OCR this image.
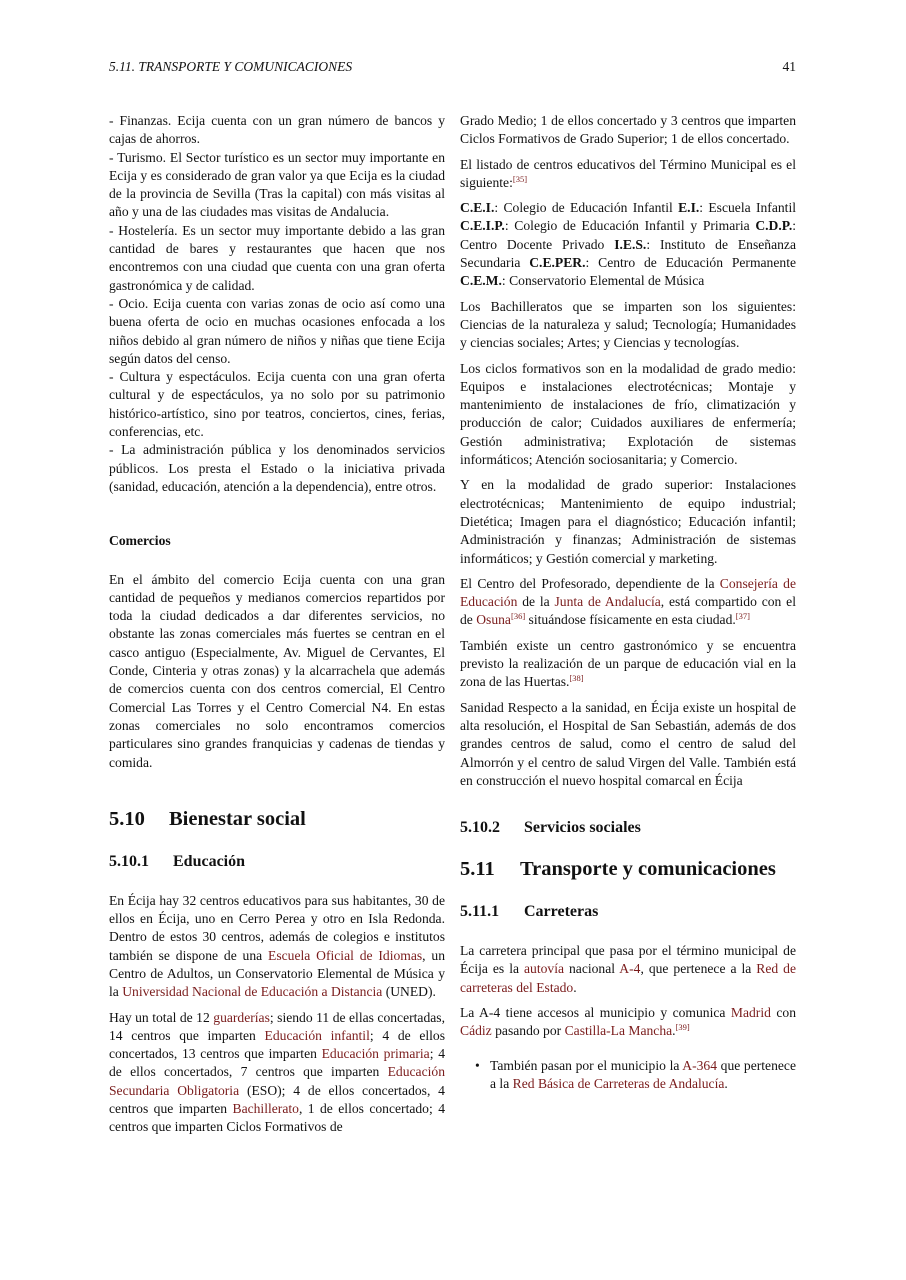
5.11. TRANSPORTE Y COMUNICACIONES	41
- Finanzas. Ecija cuenta con un gran número de bancos y cajas de ahorros.
- Turismo. El Sector turístico es un sector muy importante en Ecija y es considerado de gran valor ya que Ecija es la ciudad de la provincia de Sevilla (Tras la capital) con más visitas al año y una de las ciudades mas visitas de Andalucia.
- Hostelería. Es un sector muy importante debido a las gran cantidad de bares y restaurantes que hacen que nos encontremos con una ciudad que cuenta con una gran oferta gastronómica y de calidad.
- Ocio. Ecija cuenta con varias zonas de ocio así como una buena oferta de ocio en muchas ocasiones enfocada a los niños debido al gran número de niños y niñas que tiene Ecija según datos del censo.
- Cultura y espectáculos. Ecija cuenta con una gran oferta cultural y de espectáculos, ya no solo por su patrimonio histórico-artístico, sino por teatros, conciertos, cines, ferias, conferencias, etc.
- La administración pública y los denominados servicios públicos. Los presta el Estado o la iniciativa privada (sanidad, educación, atención a la dependencia), entre otros.
Comercios

En el ámbito del comercio Ecija cuenta con una gran cantidad de pequeños y medianos comercios repartidos por toda la ciudad dedicados a dar diferentes servicios, no obstante las zonas comerciales más fuertes se centran en el casco antiguo (Especialmente, Av. Miguel de Cervantes, El Conde, Cinteria y otras zonas) y la alcarrachela que además de comercios cuenta con dos centros comercial, El Centro Comercial Las Torres y el Centro Comercial N4. En estas zonas comerciales no solo encontramos comercios particulares sino grandes franquicias y cadenas de tiendas y comida.

5.10 Bienestar social
5.10.1 Educación

En Écija hay 32 centros educativos para sus habitantes, 30 de ellos en Écija, uno en Cerro Perea y otro en Isla Redonda. Dentro de estos 30 centros, además de colegios e institutos también se dispone de una Escuela Oficial de Idiomas, un Centro de Adultos, un Conservatorio Elemental de Música y la Universidad Nacional de Educación a Distancia (UNED).

Hay un total de 12 guarderías; siendo 11 de ellas concertadas, 14 centros que imparten Educación infantil; 4 de ellos concertados, 13 centros que imparten Educación primaria; 4 de ellos concertados, 7 centros que imparten Educación Secundaria Obligatoria (ESO); 4 de ellos concertados, 4 centros que imparten Bachillerato, 1 de ellos concertado; 4 centros que imparten Ciclos Formativos de

Grado Medio; 1 de ellos concertado y 3 centros que imparten Ciclos Formativos de Grado Superior; 1 de ellos concertado.

El listado de centros educativos del Término Municipal es el siguiente:[35]

C.E.I.: Colegio de Educación Infantil E.I.: Escuela Infantil C.E.I.P.: Colegio de Educación Infantil y Primaria C.D.P.: Centro Docente Privado I.E.S.: Instituto de Enseñanza Secundaria C.E.PER.: Centro de Educación Permanente C.E.M.: Conservatorio Elemental de Música

Los Bachilleratos que se imparten son los siguientes: Ciencias de la naturaleza y salud; Tecnología; Humanidades y ciencias sociales; Artes; y Ciencias y tecnologías.

Los ciclos formativos son en la modalidad de grado medio: Equipos e instalaciones electrotécnicas; Montaje y mantenimiento de instalaciones de frío, climatización y producción de calor; Cuidados auxiliares de enfermería; Gestión administrativa; Explotación de sistemas informáticos; Atención sociosanitaria; y Comercio.

Y en la modalidad de grado superior: Instalaciones electrotécnicas; Mantenimiento de equipo industrial; Dietética; Imagen para el diagnóstico; Educación infantil; Administración y finanzas; Administración de sistemas informáticos; y Gestión comercial y marketing.

El Centro del Profesorado, dependiente de la Consejería de Educación de la Junta de Andalucía, está compartido con el de Osuna[36] situándose físicamente en esta ciudad.[37]

También existe un centro gastronómico y se encuentra previsto la realización de un parque de educación vial en la zona de las Huertas.[38]

Sanidad Respecto a la sanidad, en Écija existe un hospital de alta resolución, el Hospital de San Sebastián, además de dos grandes centros de salud, como el centro de salud del Almorrón y el centro de salud Virgen del Valle. También está en construcción el nuevo hospital comarcal en Écija

5.10.2 Servicios sociales
5.11 Transporte y comunicaciones
5.11.1 Carreteras

La carretera principal que pasa por el término municipal de Écija es la autovía nacional A-4, que pertenece a la Red de carreteras del Estado.

La A-4 tiene accesos al municipio y comunica Madrid con Cádiz pasando por Castilla-La Mancha.[39]

• También pasan por el municipio la A-364 que pertenece a la Red Básica de Carreteras de Andalucía.
